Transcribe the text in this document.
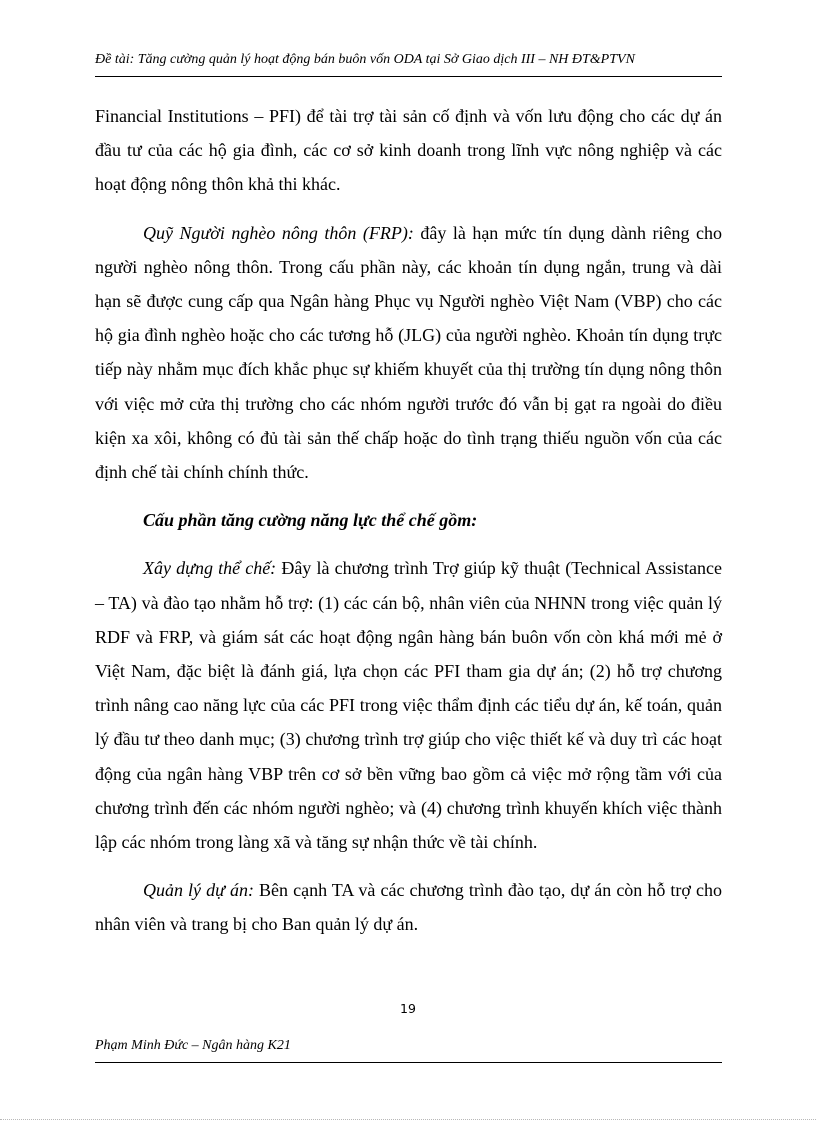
Đề tài: Tăng cường quản lý hoạt động bán buôn vốn ODA tại Sở Giao dịch III – NH ĐT&PTVN

Financial Institutions – PFI) để tài trợ tài sản cố định và vốn lưu động cho các dự án đầu tư của các hộ gia đình, các cơ sở kinh doanh trong lĩnh vực nông nghiệp và các hoạt động nông thôn khả thi khác.

Quỹ Người nghèo nông thôn (FRP): đây là hạn mức tín dụng dành riêng cho người nghèo nông thôn. Trong cấu phần này, các khoản tín dụng ngắn, trung và dài hạn sẽ được cung cấp qua Ngân hàng Phục vụ Người nghèo Việt Nam (VBP) cho các hộ gia đình nghèo hoặc cho các tương hỗ (JLG) của người nghèo. Khoản tín dụng trực tiếp này nhằm mục đích khắc phục sự khiếm khuyết của thị trường tín dụng nông thôn với việc mở cửa thị trường cho các nhóm người trước đó vẫn bị gạt ra ngoài do điều kiện xa xôi, không có đủ tài sản thế chấp hoặc do tình trạng thiếu nguồn vốn của các định chế tài chính chính thức.

Cấu phần tăng cường năng lực thể chế gồm:

Xây dựng thể chế: Đây là chương trình Trợ giúp kỹ thuật (Technical Assistance – TA) và đào tạo nhằm hỗ trợ: (1) các cán bộ, nhân viên của NHNN trong việc quản lý RDF và FRP, và giám sát các hoạt động ngân hàng bán buôn vốn còn khá mới mẻ ở Việt Nam, đặc biệt là đánh giá, lựa chọn các PFI tham gia dự án; (2) hỗ trợ chương trình nâng cao năng lực của các PFI trong việc thẩm định các tiểu dự án, kế toán, quản lý đầu tư theo danh mục; (3) chương trình trợ giúp cho việc thiết kế và duy trì các hoạt động của ngân hàng VBP trên cơ sở bền vững bao gồm cả việc mở rộng tầm với của chương trình đến các nhóm người nghèo; và (4) chương trình khuyến khích việc thành lập các nhóm trong làng xã và tăng sự nhận thức về tài chính.

Quản lý dự án: Bên cạnh TA và các chương trình đào tạo, dự án còn hỗ trợ cho nhân viên và trang bị cho Ban quản lý dự án.

19
Phạm Minh Đức – Ngân hàng K21
